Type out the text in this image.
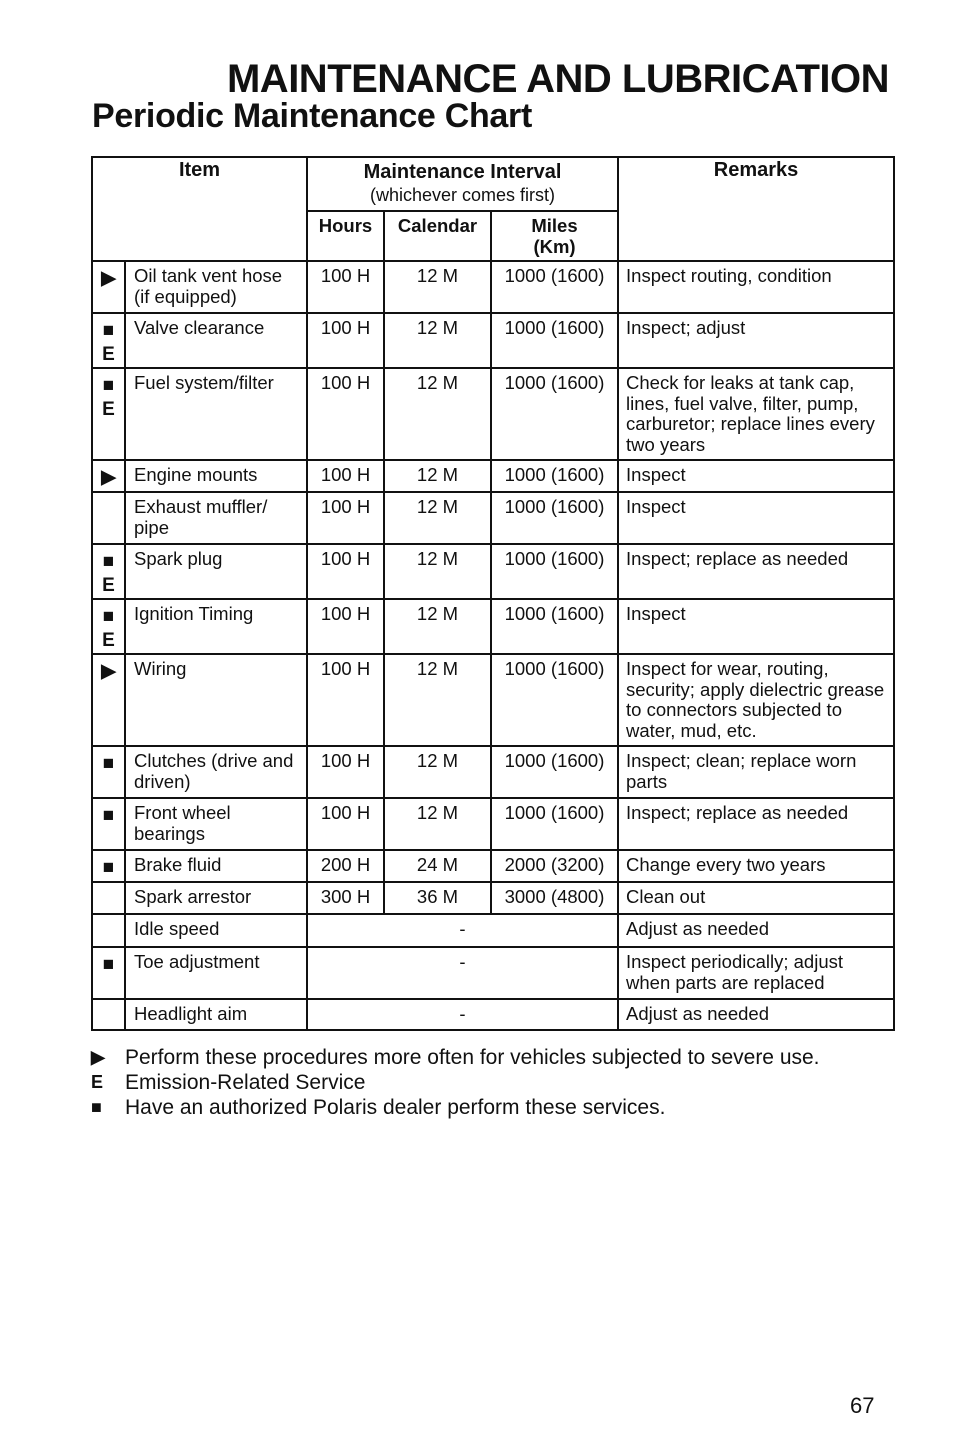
MAINTENANCE AND LUBRICATION
Periodic Maintenance Chart
Item		Maintenance Interval
(whichever comes first)			Remarks
		Hours	Calendar	Miles
(Km)	
▶	Oil tank vent hose (if equipped)	100 H	12 M	1000 (1600)	Inspect routing, condition
■
E	Valve clearance	100 H	12 M	1000 (1600)	Inspect; adjust
■
E	Fuel system/filter	100 H	12 M	1000 (1600)	Check for leaks at tank cap, lines, fuel valve, filter, pump, carburetor; replace lines every two years
▶	Engine mounts	100 H	12 M	1000 (1600)	Inspect
	Exhaust muffler/ pipe	100 H	12 M	1000 (1600)	Inspect
■
E	Spark plug	100 H	12 M	1000 (1600)	Inspect; replace as needed
■
E	Ignition Timing	100 H	12 M	1000 (1600)	Inspect
▶	Wiring	100 H	12 M	1000 (1600)	Inspect for wear, routing, security; apply dielectric grease to connectors subjected to water, mud, etc.
■	Clutches (drive and driven)	100 H	12 M	1000 (1600)	Inspect; clean; replace worn parts
■	Front wheel bearings	100 H	12 M	1000 (1600)	Inspect; replace as needed
■	Brake fluid	200 H	24 M	2000 (3200)	Change every two years
	Spark arrestor	300 H	36 M	3000 (4800)	Clean out
	Idle speed	-			Adjust as needed
■	Toe adjustment	-			Inspect periodically; adjust when parts are replaced
	Headlight aim	-			Adjust as needed
▶ Perform these procedures more often for vehicles subjected to severe use.
E	Emission-Related Service
■	Have an authorized Polaris dealer perform these services.
67
